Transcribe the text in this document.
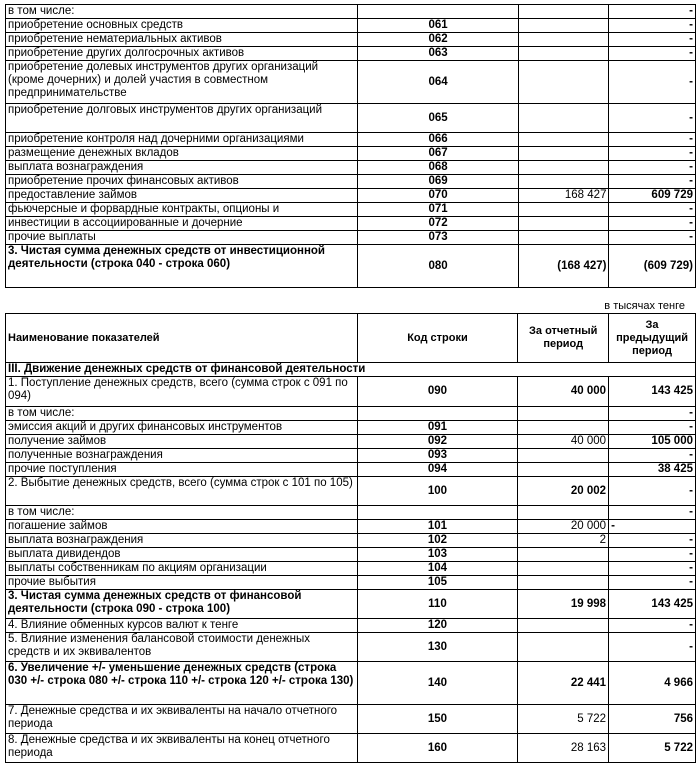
в том числе:			-
приобретение основных средств	061		-
приобретение нематериальных активов	062		-
приобретение других долгосрочных активов	063		-
приобретение долевых инструментов других организаций (кроме дочерних) и долей участия в совместном предпринимательстве	064		-
приобретение долговых инструментов других организаций	065		-
приобретение контроля над дочерними организациями	066		-
размещение денежных вкладов	067		-
выплата вознаграждения	068		-
приобретение прочих финансовых активов	069		-
предоставление займов	070	168 427	609 729
фьючерсные и форвардные контракты, опционы и	071		-
инвестиции в ассоциированные и дочерние	072		-
прочие выплаты	073		-
3. Чистая сумма денежных средств от инвестиционной деятельности (строка 040 - строка 060)	080	(168 427)	(609 729)
в тысячах тенге
Наименование показателей	Код строки	За отчетный период	За предыдущий период
III. Движение денежных средств от финансовой деятельности			
1. Поступление денежных средств, всего (сумма строк с 091 по 094)	090	40 000	143 425
в том числе:			-
эмиссия акций и других финансовых инструментов	091		-
получение займов	092	40 000	105 000
полученные вознаграждения	093		-
прочие поступления	094		38 425
2. Выбытие денежных средств, всего (сумма строк с 101 по 105)	100	20 002	-
в том числе:			-
погашение займов	101	20 000	-
выплата вознаграждения	102	2	-
выплата дивидендов	103		-
выплаты собственникам по акциям организации	104		-
прочие выбытия	105		-
3. Чистая сумма денежных средств от финансовой деятельности (строка 090 - строка 100)	110	19 998	143 425
4. Влияние обменных курсов валют к тенге	120		-
5. Влияние изменения балансовой стоимости денежных средств и их эквивалентов	130		-
6. Увеличение +/- уменьшение денежных средств (строка 030 +/- строка 080 +/- строка 110 +/- строка 120 +/- строка 130)	140	22 441	4 966
7. Денежные средства и их эквиваленты на начало отчетного периода	150	5 722	756
8. Денежные средства и их эквиваленты на конец отчетного периода	160	28 163	5 722
